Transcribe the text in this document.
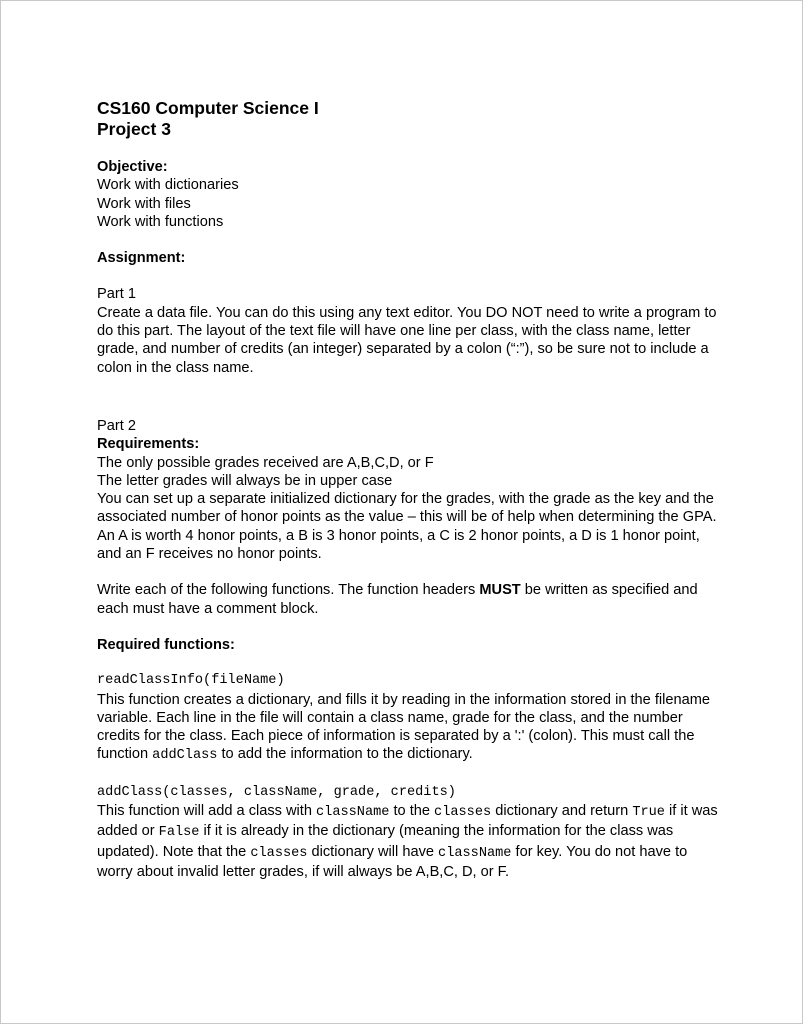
CS160 Computer Science I

Project 3

Objective:

Work with dictionaries

Work with files

Work with functions

Assignment:

Part 1

Create a data file. You can do this using any text editor. You DO NOT need to write a program to do this part. The layout of the text file will have one line per class, with the class name, letter grade, and number of credits (an integer) separated by a colon (“:”), so be sure not to include a colon in the class name.

Part 2

Requirements:

The only possible grades received are A,B,C,D, or F

The letter grades will always be in upper case

You can set up a separate initialized dictionary for the grades, with the grade as the key and the associated number of honor points as the value – this will be of help when determining the GPA. An A is worth 4 honor points, a B is 3 honor points, a C is 2 honor points, a D is 1 honor point, and an F receives no honor points.

Write each of the following functions. The function headers MUST be written as specified and each must have a comment block.

Required functions:

readClassInfo(fileName)

This function creates a dictionary, and fills it by reading in the information stored in the filename variable. Each line in the file will contain a class name, grade for the class, and the number credits for the class. Each piece of information is separated by a ':' (colon). This must call the function addClass to add the information to the dictionary.

addClass(classes, className, grade, credits)

This function will add a class with className to the classes dictionary and return True if it was added or False if it is already in the dictionary (meaning the information for the class was updated). Note that the classes dictionary will have className for key. You do not have to worry about invalid letter grades, if will always be A,B,C, D, or F.
